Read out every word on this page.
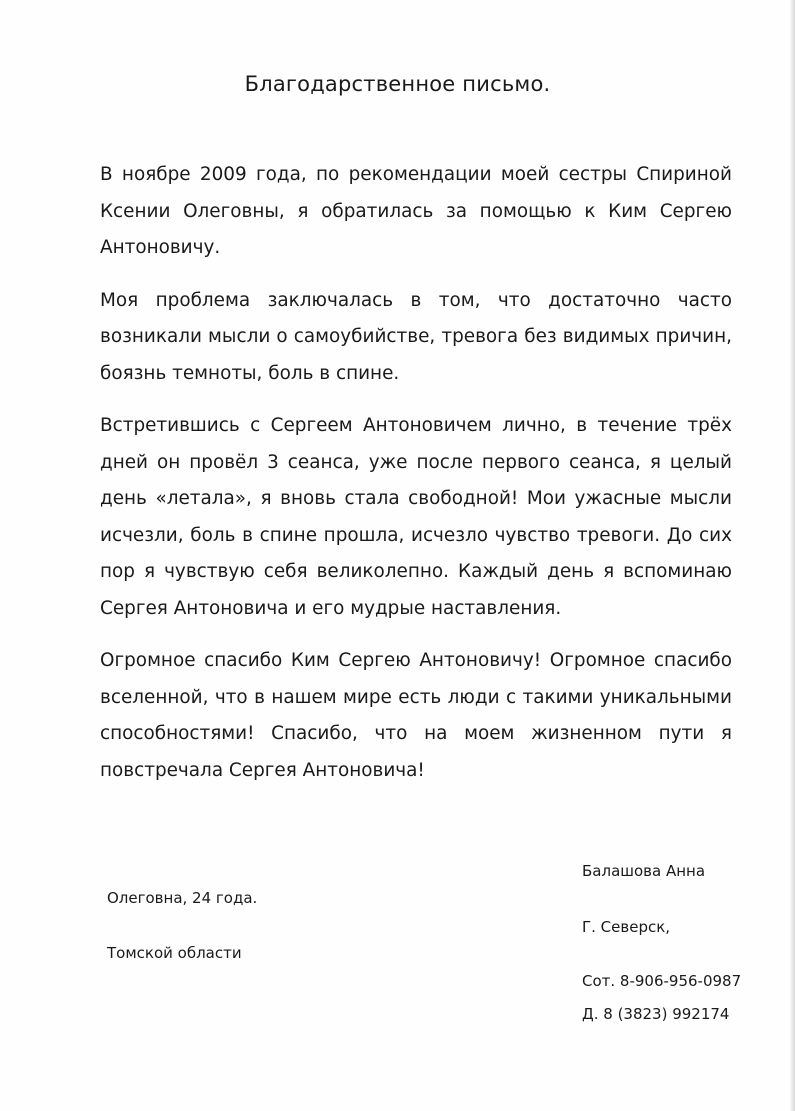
Благодарственное письмо.

В ноябре 2009 года, по рекомендации моей сестры Спириной Ксении Олеговны, я обратилась за помощью к Ким Сергею Антоновичу.

Моя проблема заключалась в том, что достаточно часто возникали мысли о самоубийстве, тревога без видимых причин, боязнь темноты, боль в спине.

Встретившись с Сергеем Антоновичем лично, в течение трёх дней он провёл 3 сеанса, уже после первого сеанса, я целый день «летала», я вновь стала свободной! Мои ужасные мысли исчезли, боль в спине прошла, исчезло чувство тревоги. До сих пор я чувствую себя великолепно. Каждый день я вспоминаю Сергея Антоновича и его мудрые наставления.

Огромное спасибо Ким Сергею Антоновичу! Огромное спасибо вселенной, что в нашем мире есть люди с такими уникальными способностями! Спасибо, что на моем жизненном пути я повстречала Сергея Антоновича!

Балашова Анна
Олеговна, 24 года.
Г. Северск,
Томской области
Сот. 8-906-956-0987
Д. 8 (3823) 992174
